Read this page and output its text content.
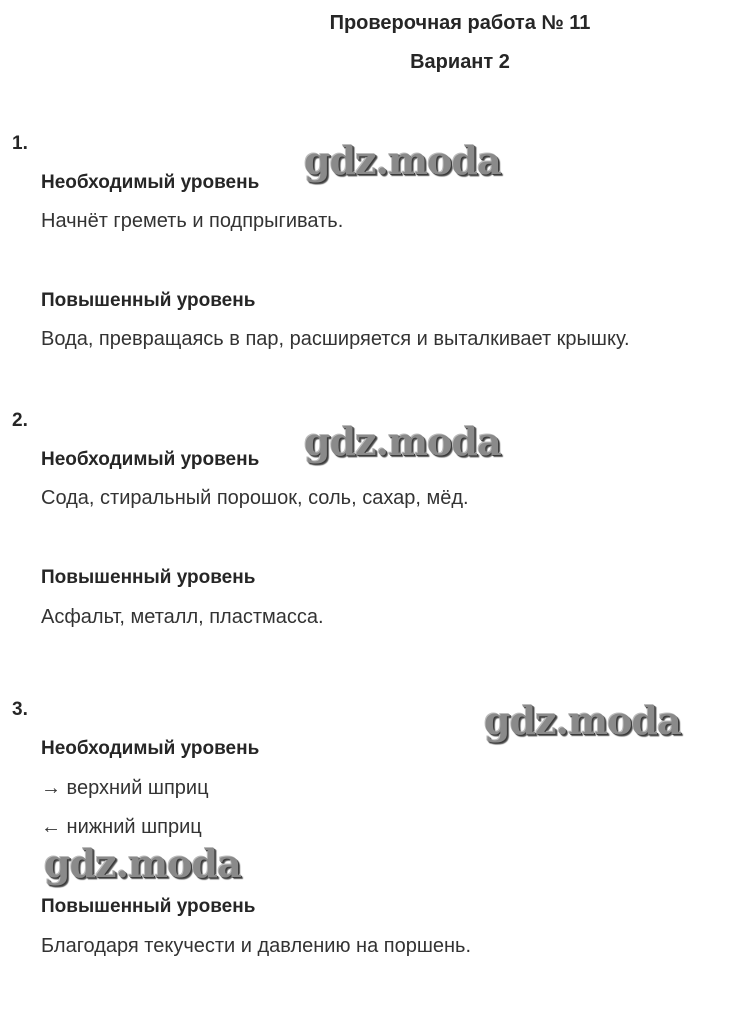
Проверочная работа № 11
Вариант 2
1.
Необходимый уровень
Начнёт греметь и подпрыгивать.
Повышенный уровень
Вода, превращаясь в пар, расширяется и выталкивает крышку.
2.
Необходимый уровень
Сода, стиральный порошок, соль, сахар, мёд.
Повышенный уровень
Асфальт, металл, пластмасса.
3.
Необходимый уровень
→ верхний шприц
← нижний шприц
Повышенный уровень
Благодаря текучести и давлению на поршень.
gdz.moda
gdz.moda
gdz.moda
gdz.moda
